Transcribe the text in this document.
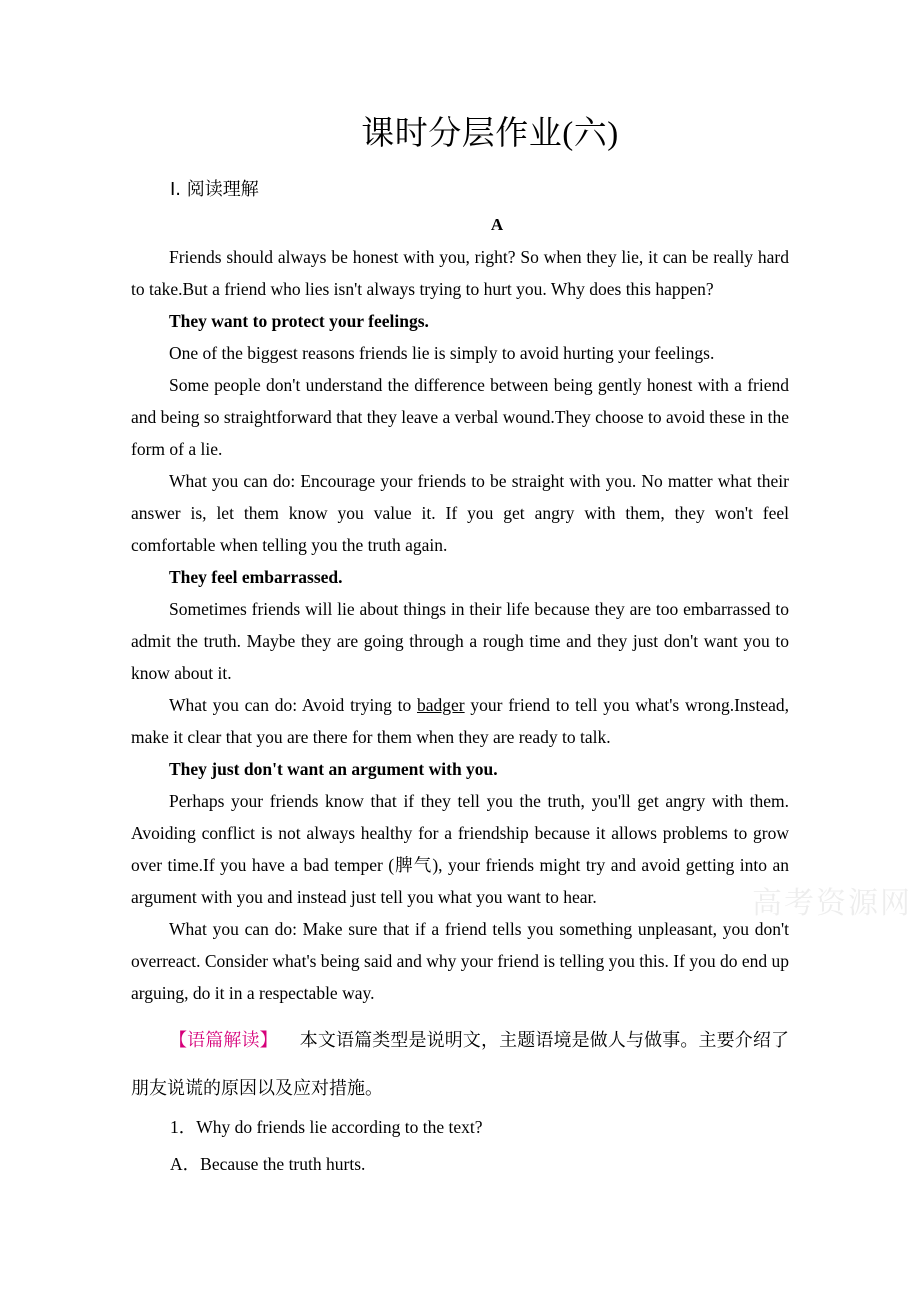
课时分层作业(六)
Ⅰ. 阅读理解
A

Friends should always be honest with you, right? So when they lie, it can be really hard to take.But a friend who lies isn't always trying to hurt you. Why does this happen?

They want to protect your feelings.

One of the biggest reasons friends lie is simply to avoid hurting your feelings.

Some people don't understand the difference between being gently honest with a friend and being so straightforward that they leave a verbal wound.They choose to avoid these in the form of a lie.

What you can do: Encourage your friends to be straight with you. No matter what their answer is, let them know you value it. If you get angry with them, they won't feel comfortable when telling you the truth again.

They feel embarrassed.

Sometimes friends will lie about things in their life because they are too embarrassed to admit the truth. Maybe they are going through a rough time and they just don't want you to know about it.

What you can do: Avoid trying to badger your friend to tell you what's wrong.Instead, make it clear that you are there for them when they are ready to talk.

They just don't want an argument with you.

Perhaps your friends know that if they tell you the truth, you'll get angry with them. Avoiding conflict is not always healthy for a friendship because it allows problems to grow over time.If you have a bad temper (脾气), your friends might try and avoid getting into an argument with you and instead just tell you what you want to hear.

What you can do: Make sure that if a friend tells you something unpleasant, you don't overreact. Consider what's being said and why your friend is telling you this. If you do end up arguing, do it in a respectable way.

【语篇解读】 本文语篇类型是说明文，主题语境是做人与做事。主要介绍了朋友说谎的原因以及应对措施。
1．Why do friends lie according to the text?
A．Because the truth hurts.
高考资源网
